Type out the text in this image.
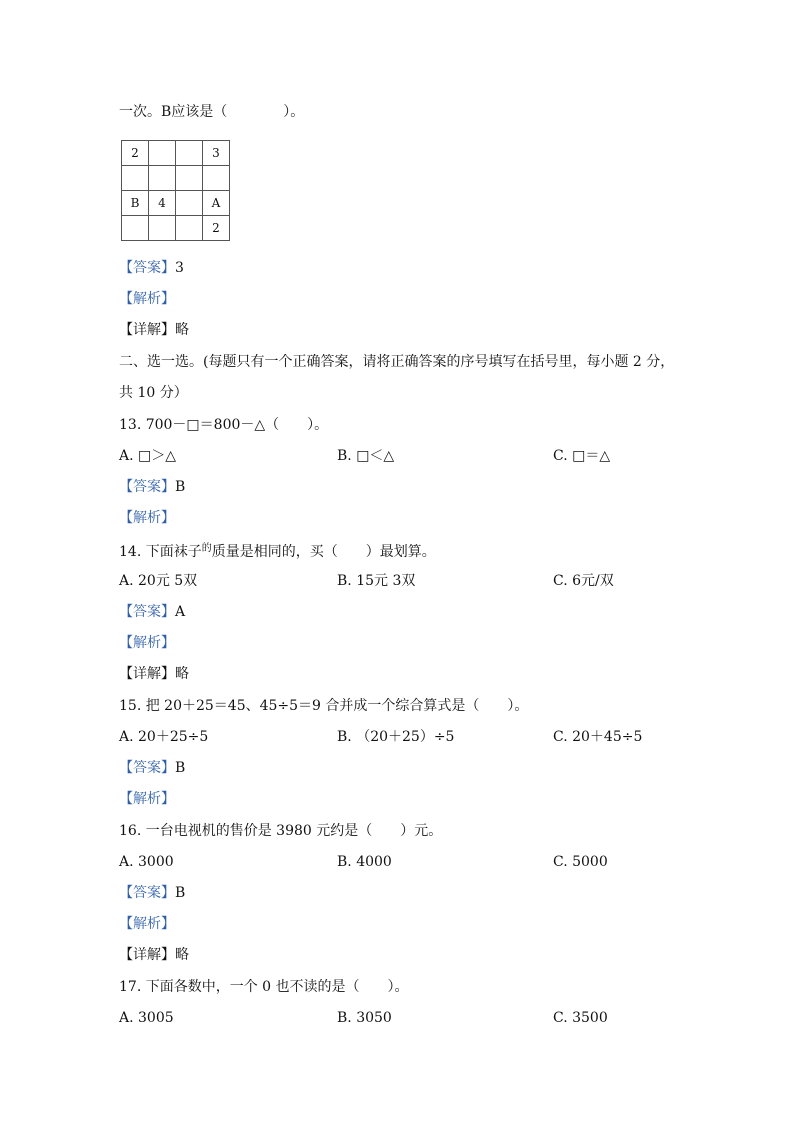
一次。B应该是（　　　　）。
2			3

B	4		A
			2
【答案】3
【解析】
【详解】略
二、选一选。(每题只有一个正确答案，请将正确答案的序号填写在括号里，每小题 2 分，
共 10 分）
13. 700－□＝800－△（　　）。
A. □＞△	B. □＜△	C. □＝△
【答案】B
【解析】
14. 下面袜子$^的$质量是相同的，买（　　）最划算。
A. 20元 5双	B. 15元 3双	C. 6元/双
【答案】A
【解析】
【详解】略
15. 把 20＋25＝45、45÷5＝9 合并成一个综合算式是（　　）。
A. 20＋25÷5	B. （20＋25）÷5	C. 20＋45÷5
【答案】B
【解析】
16. 一台电视机的售价是 3980 元约是（　　）元。
A. 3000	B. 4000	C. 5000
【答案】B
【解析】
【详解】略
17. 下面各数中，一个 0 也不读的是（　　）。
A. 3005	B. 3050	C. 3500
